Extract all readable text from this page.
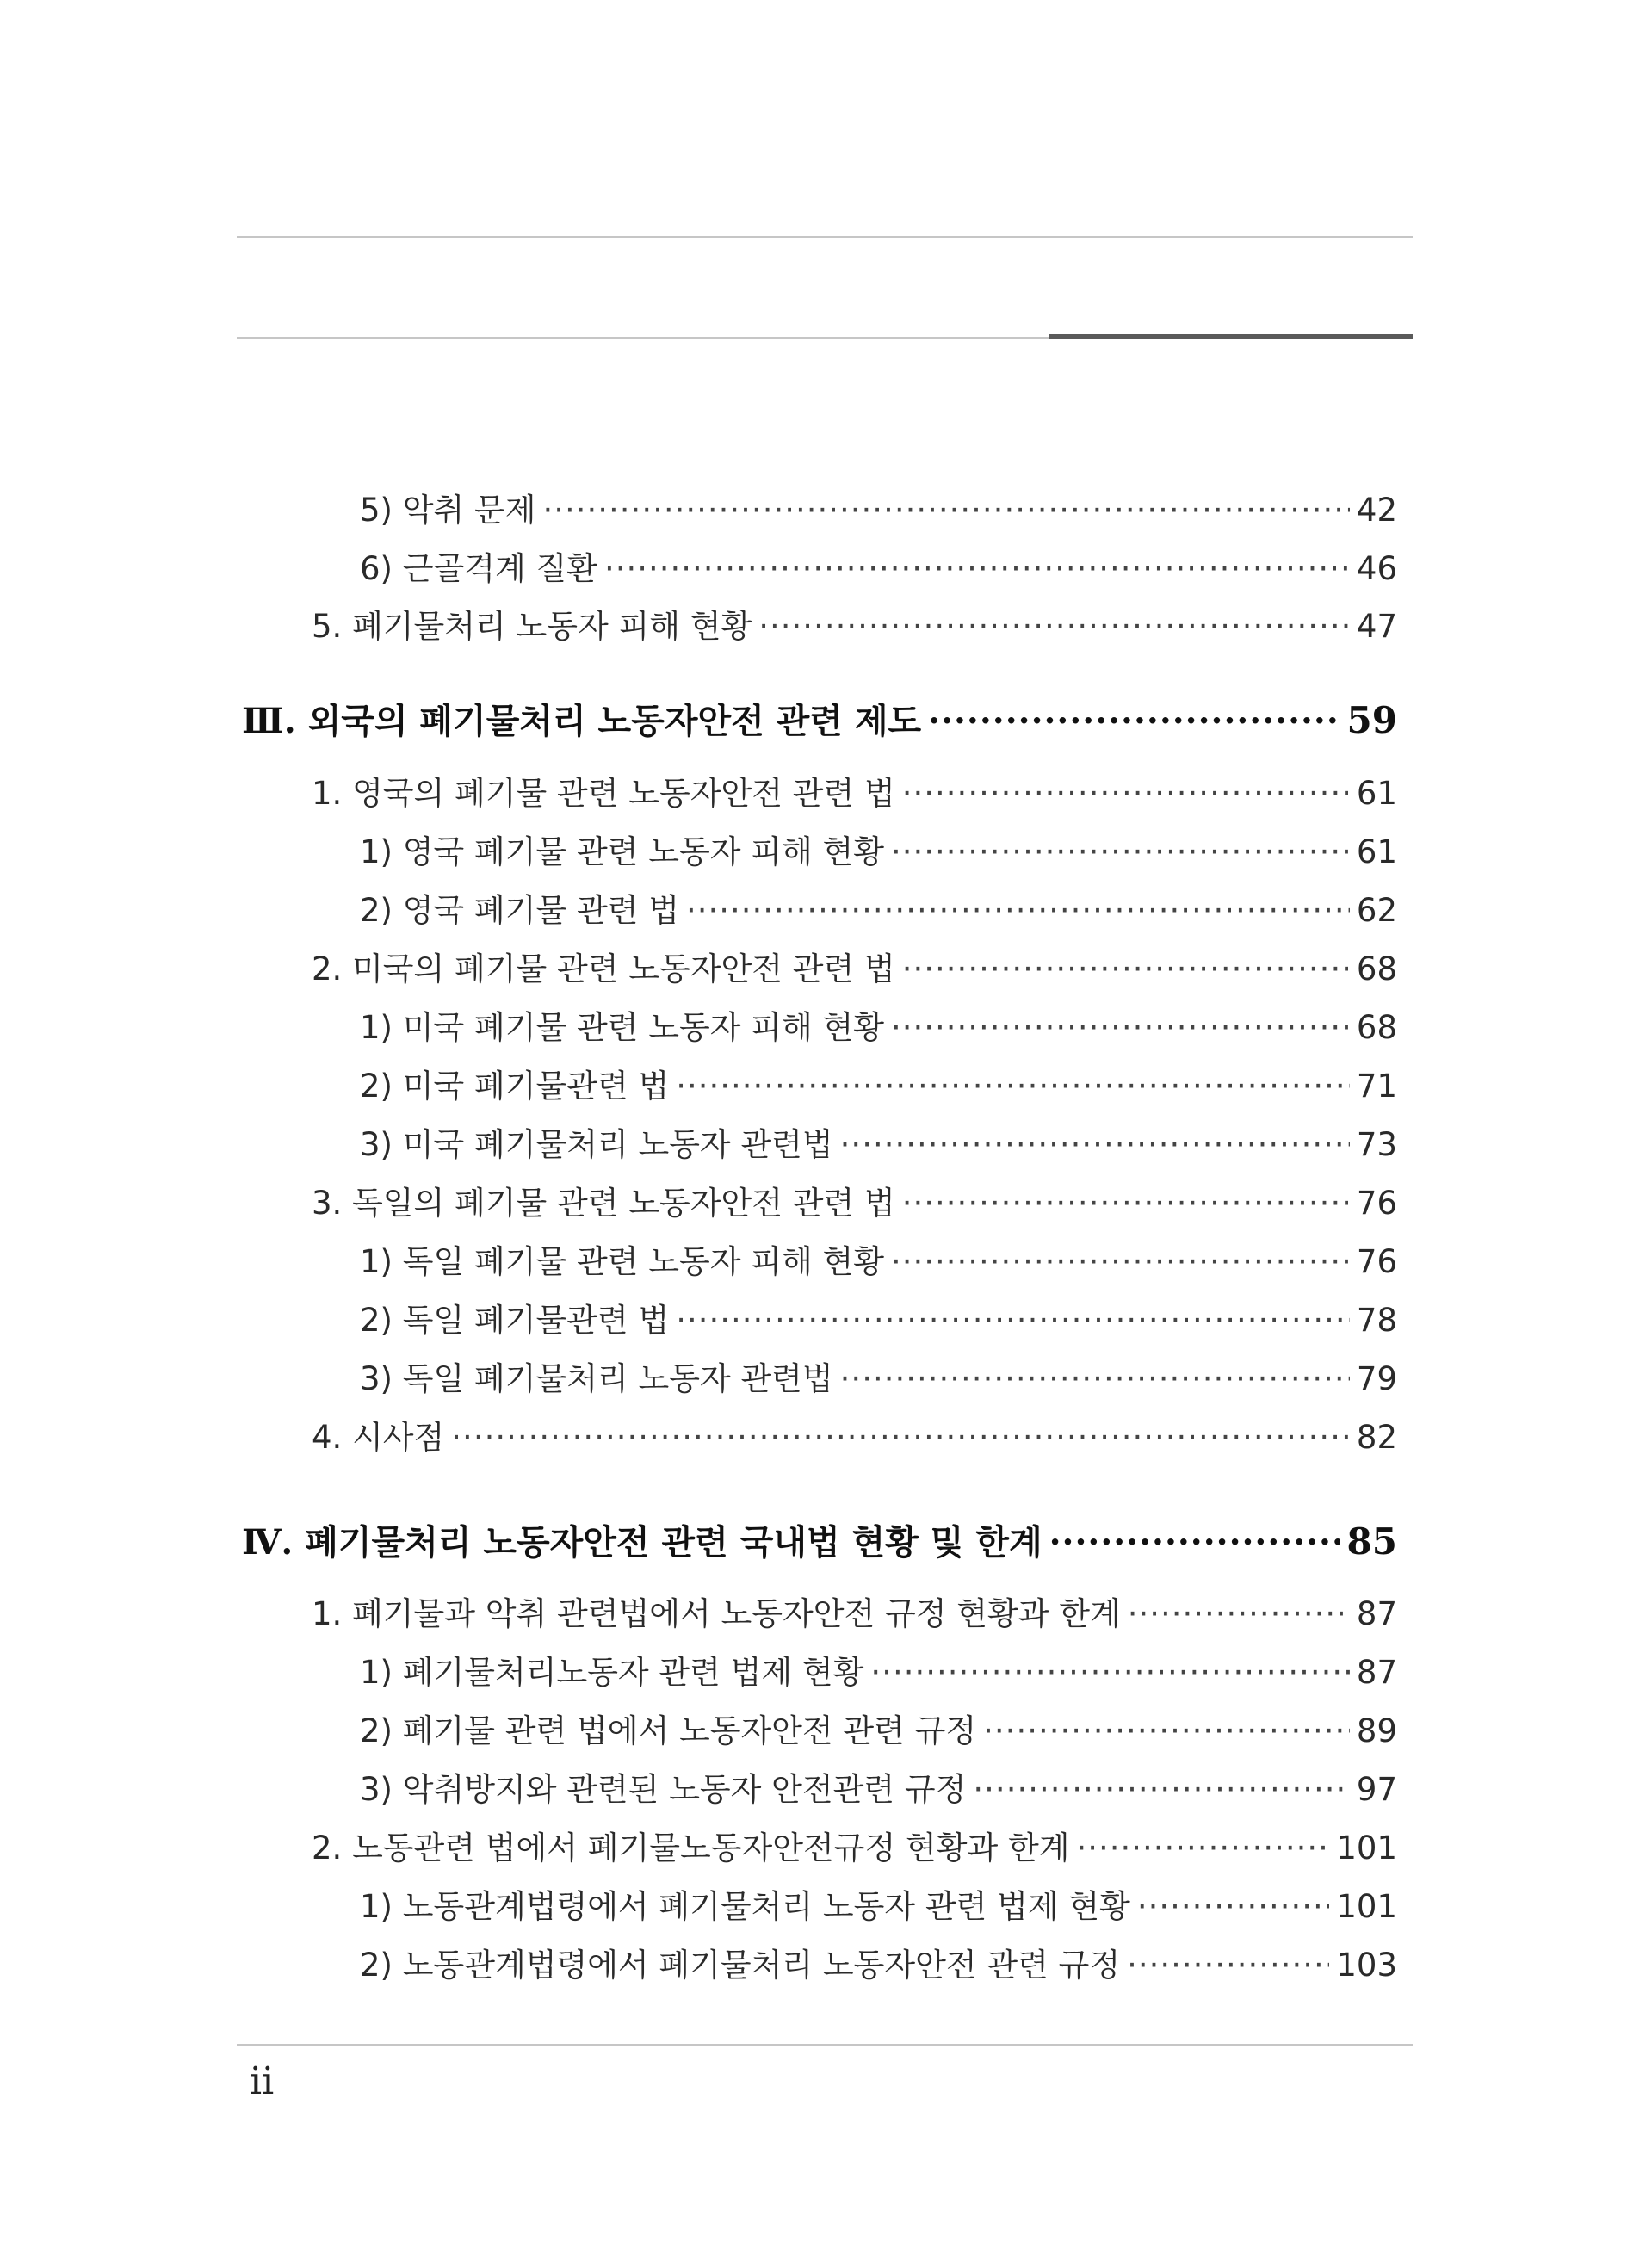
5) 악취 문제 ·····	42
6) 근골격계 질환 ·····	46
5. 폐기물처리 노동자 피해 현황 ·····	47
Ⅲ. 외국의 폐기물처리 노동자안전 관련 제도 ·····	59
1. 영국의 폐기물 관련 노동자안전 관련 법 ·····	61
1) 영국 폐기물 관련 노동자 피해 현황 ·····	61
2) 영국 폐기물 관련 법 ·····	62
2. 미국의 폐기물 관련 노동자안전 관련 법 ·····	68
1) 미국 폐기물 관련 노동자 피해 현황 ·····	68
2) 미국 폐기물관련 법 ·····	71
3) 미국 폐기물처리 노동자 관련법 ·····	73
3. 독일의 폐기물 관련 노동자안전 관련 법 ·····	76
1) 독일 폐기물 관련 노동자 피해 현황 ·····	76
2) 독일 폐기물관련 법 ·····	78
3) 독일 폐기물처리 노동자 관련법 ·····	79
4. 시사점 ·····	82
Ⅳ. 폐기물처리 노동자안전 관련 국내법 현황 및 한계 ·····	85
1. 폐기물과 악취 관련법에서 노동자안전 규정 현황과 한계 ·····	87
1) 폐기물처리노동자 관련 법제 현황 ·····	87
2) 폐기물 관련 법에서 노동자안전 관련 규정 ·····	89
3) 악취방지와 관련된 노동자 안전관련 규정 ·····	97
2. 노동관련 법에서 폐기물노동자안전규정 현황과 한계 ·····	101
1) 노동관계법령에서 폐기물처리 노동자 관련 법제 현황 ·····	101
2) 노동관계법령에서 폐기물처리 노동자안전 관련 규정 ·····	103
ii
